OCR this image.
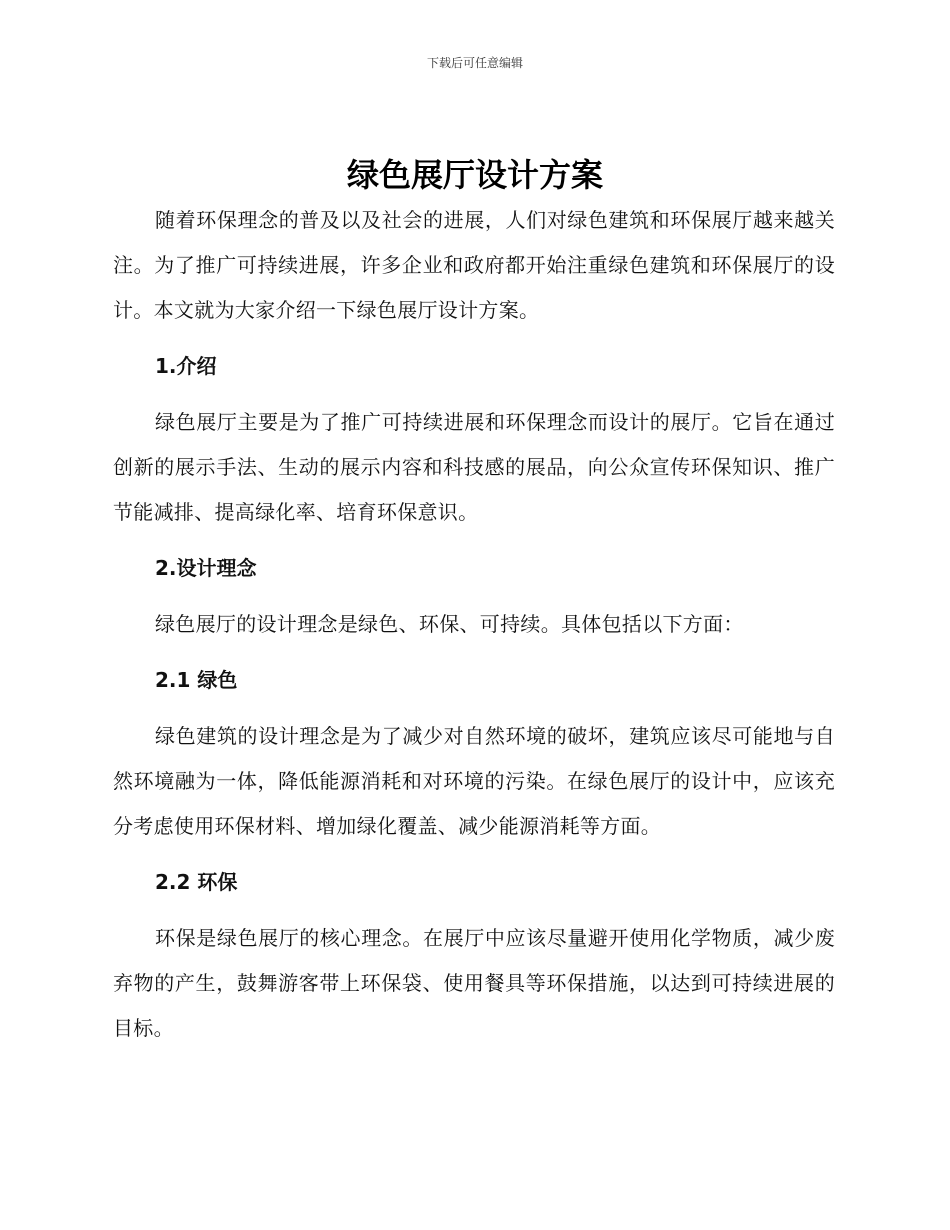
下载后可任意编辑
绿色展厅设计方案

随着环保理念的普及以及社会的进展，人们对绿色建筑和环保展厅越来越关注。为了推广可持续进展，许多企业和政府都开始注重绿色建筑和环保展厅的设计。本文就为大家介绍一下绿色展厅设计方案。

1.介绍

绿色展厅主要是为了推广可持续进展和环保理念而设计的展厅。它旨在通过创新的展示手法、生动的展示内容和科技感的展品，向公众宣传环保知识、推广节能减排、提高绿化率、培育环保意识。

2.设计理念

绿色展厅的设计理念是绿色、环保、可持续。具体包括以下方面：

2.1 绿色

绿色建筑的设计理念是为了减少对自然环境的破坏，建筑应该尽可能地与自然环境融为一体，降低能源消耗和对环境的污染。在绿色展厅的设计中，应该充分考虑使用环保材料、增加绿化覆盖、减少能源消耗等方面。

2.2 环保

环保是绿色展厅的核心理念。在展厅中应该尽量避开使用化学物质，减少废弃物的产生，鼓舞游客带上环保袋、使用餐具等环保措施，以达到可持续进展的目标。
